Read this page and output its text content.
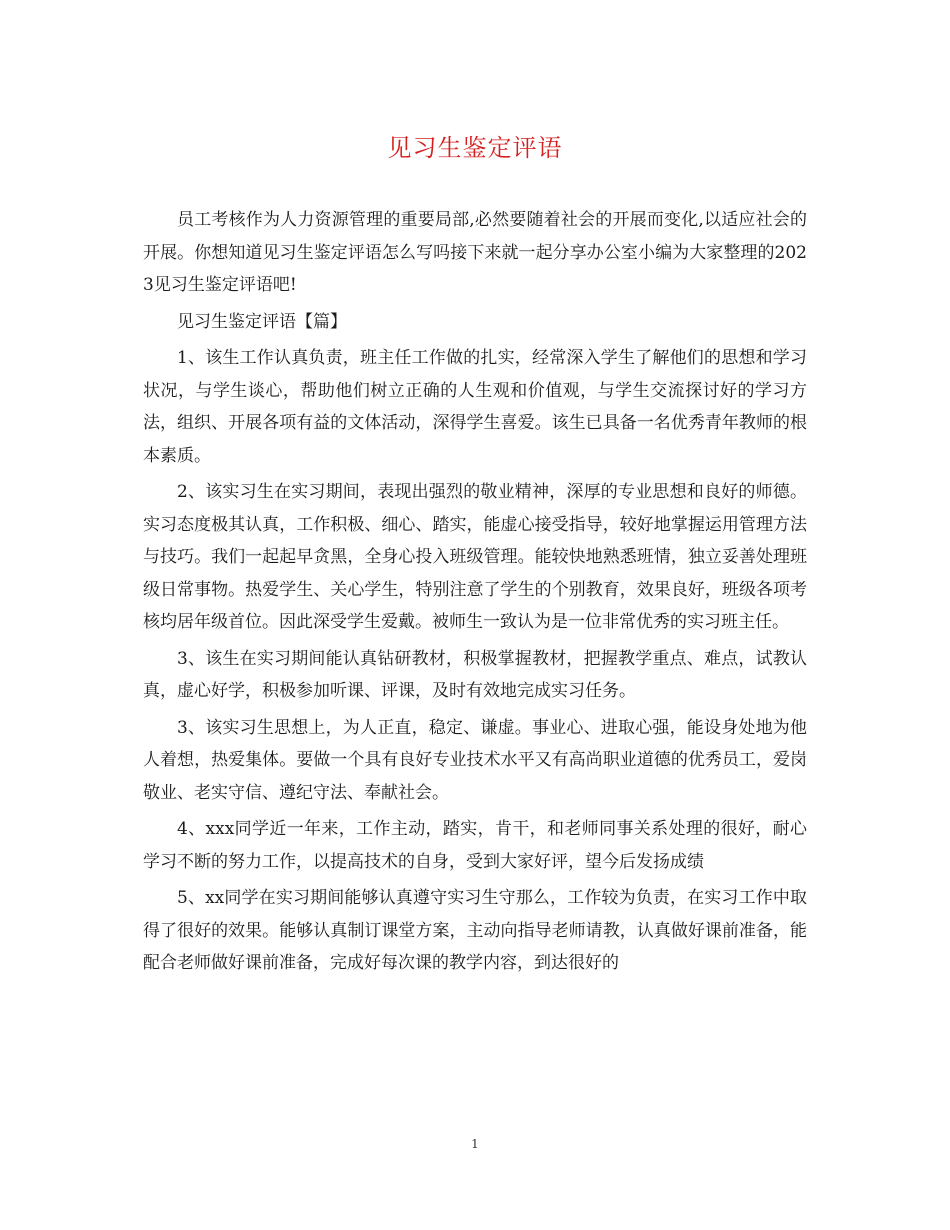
见习生鉴定评语

员工考核作为人力资源管理的重要局部,必然要随着社会的开展而变化,以适应社会的开展。你想知道见习生鉴定评语怎么写吗接下来就一起分享办公室小编为大家整理的2023见习生鉴定评语吧!

见习生鉴定评语【篇】

1、该生工作认真负责，班主任工作做的扎实，经常深入学生了解他们的思想和学习状况，与学生谈心，帮助他们树立正确的人生观和价值观，与学生交流探讨好的学习方法，组织、开展各项有益的文体活动，深得学生喜爱。该生已具备一名优秀青年教师的根本素质。

2、该实习生在实习期间，表现出强烈的敬业精神，深厚的专业思想和良好的师德。实习态度极其认真，工作积极、细心、踏实，能虚心接受指导，较好地掌握运用管理方法与技巧。我们一起起早贪黑，全身心投入班级管理。能较快地熟悉班情，独立妥善处理班级日常事物。热爱学生、关心学生，特别注意了学生的个别教育，效果良好，班级各项考核均居年级首位。因此深受学生爱戴。被师生一致认为是一位非常优秀的实习班主任。

3、该生在实习期间能认真钻研教材，积极掌握教材，把握教学重点、难点，试教认真，虚心好学，积极参加听课、评课，及时有效地完成实习任务。

3、该实习生思想上，为人正直，稳定、谦虚。事业心、进取心强，能设身处地为他人着想，热爱集体。要做一个具有良好专业技术水平又有高尚职业道德的优秀员工，爱岗敬业、老实守信、遵纪守法、奉献社会。

4、xxx同学近一年来，工作主动，踏实，肯干，和老师同事关系处理的很好，耐心学习不断的努力工作，以提高技术的自身，受到大家好评，望今后发扬成绩

5、xx同学在实习期间能够认真遵守实习生守那么，工作较为负责，在实习工作中取得了很好的效果。能够认真制订课堂方案，主动向指导老师请教，认真做好课前准备，能配合老师做好课前准备，完成好每次课的教学内容，到达很好的

1
